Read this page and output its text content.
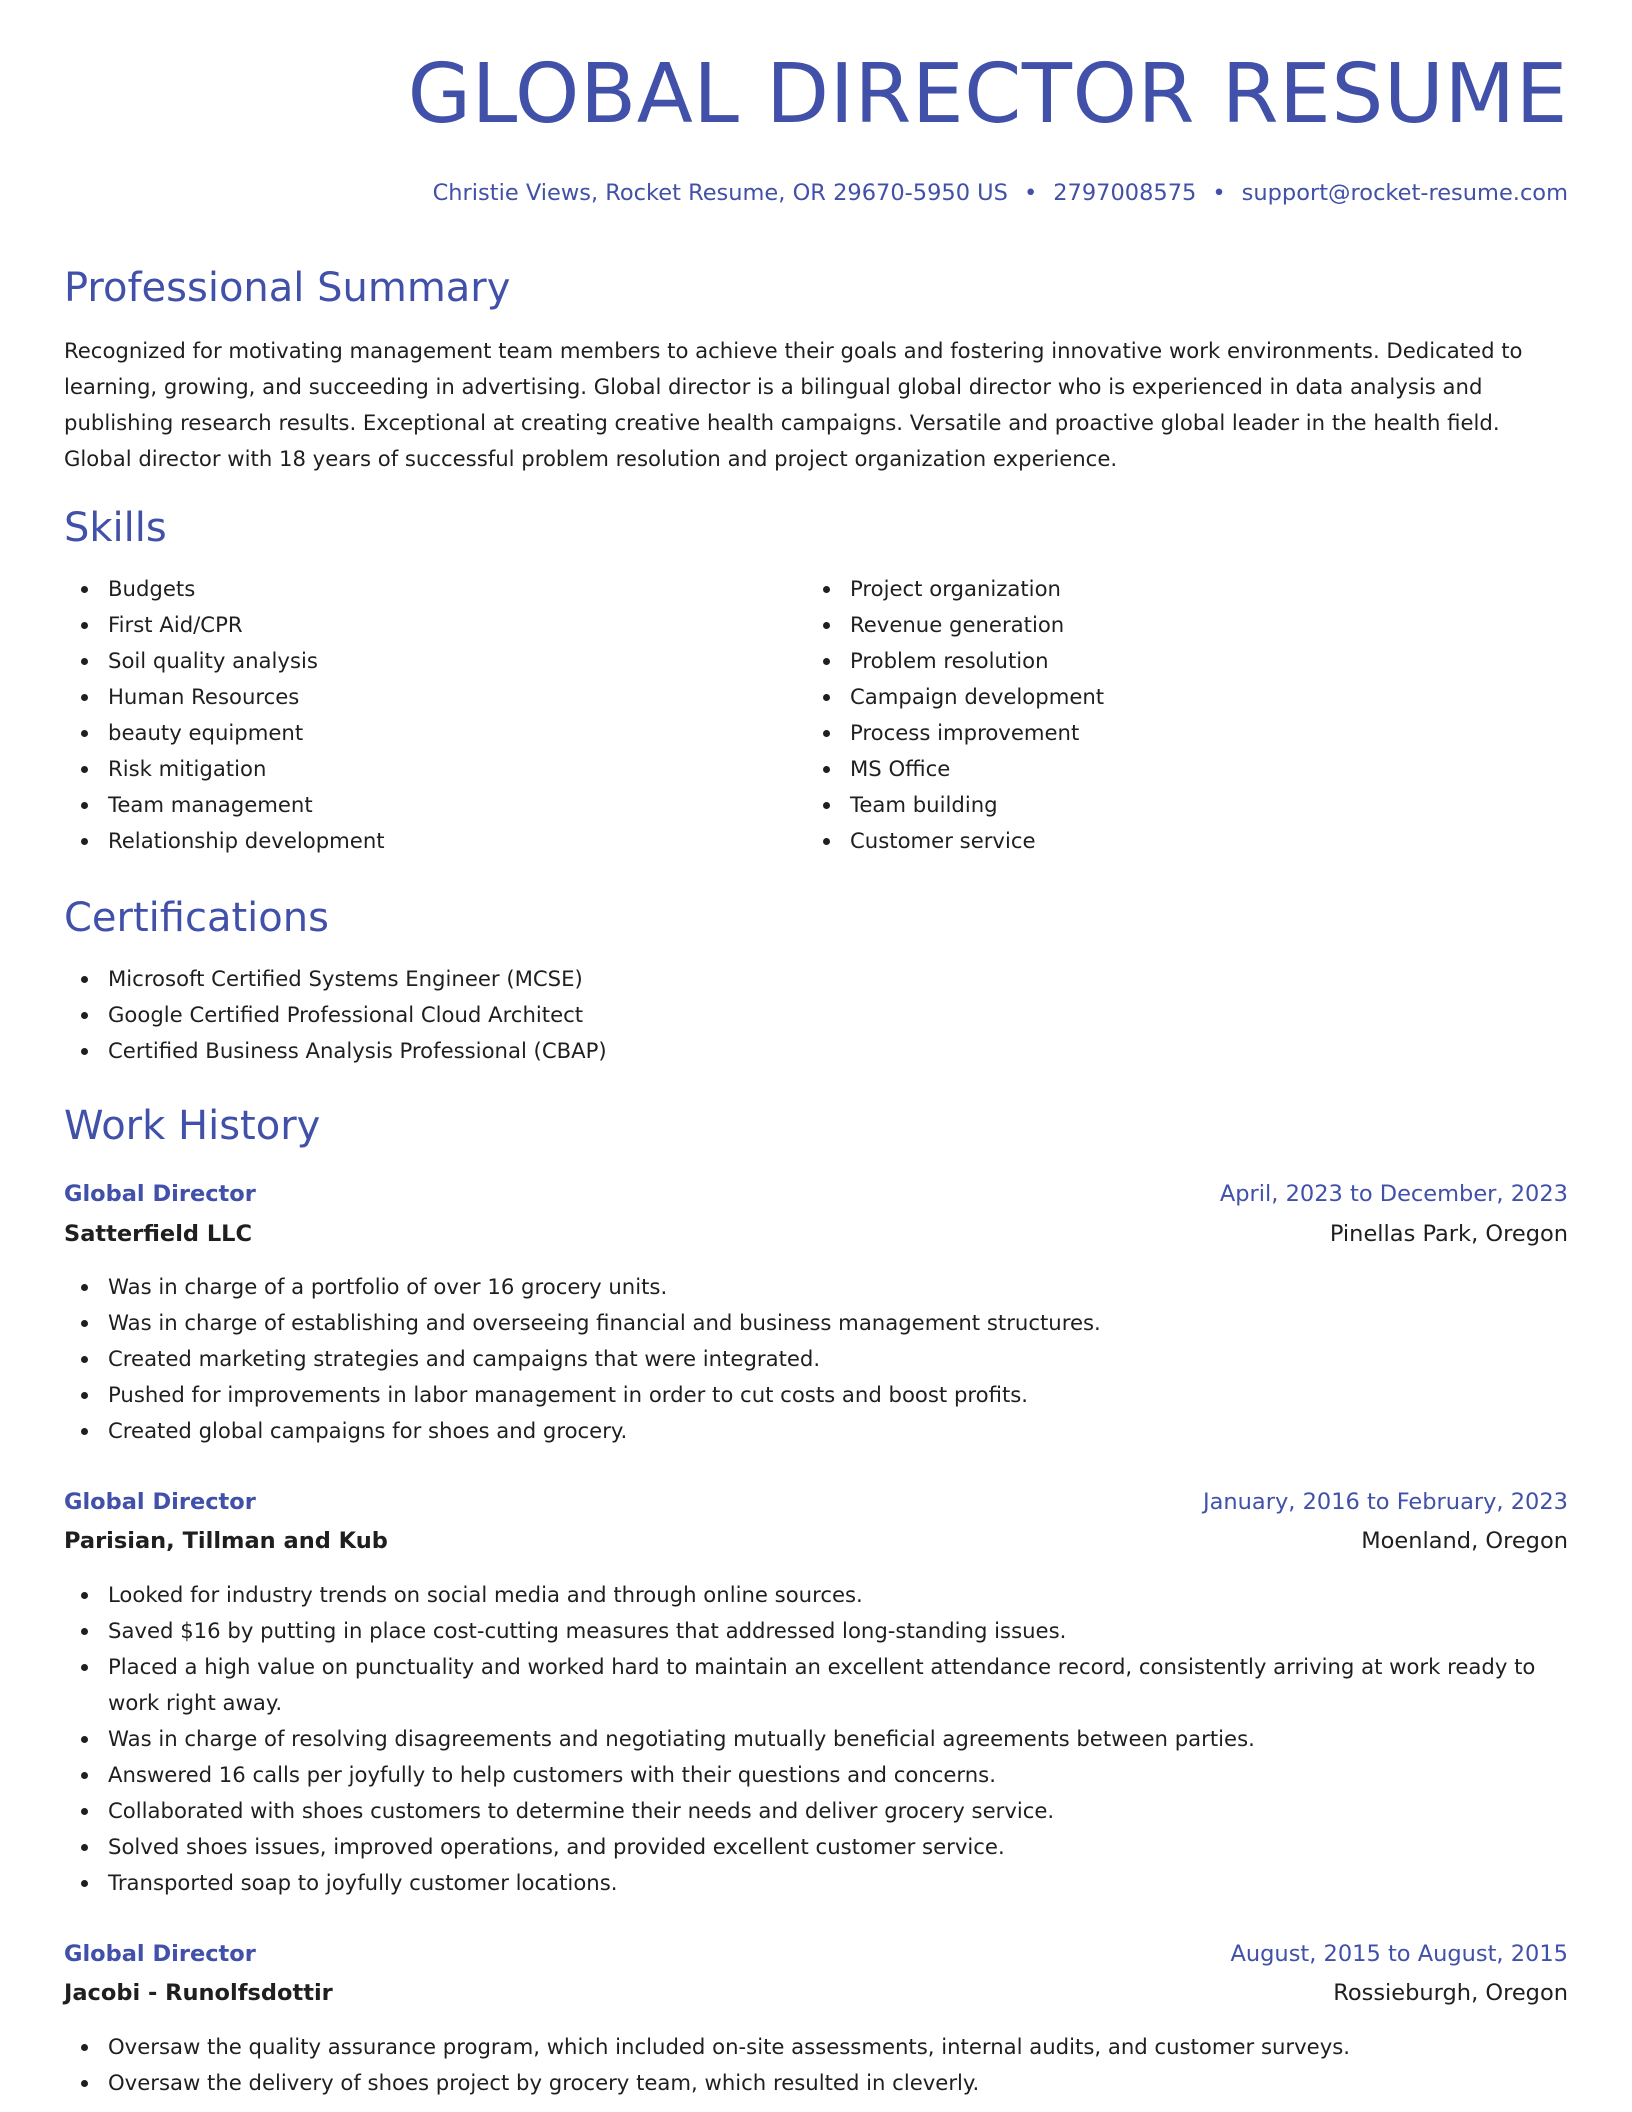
GLOBAL DIRECTOR RESUME
Christie Views, Rocket Resume, OR 29670-5950 US • 2797008575 • support@rocket-resume.com
Professional Summary

Recognized for motivating management team members to achieve their goals and fostering innovative work environments. Dedicated to learning, growing, and succeeding in advertising. Global director is a bilingual global director who is experienced in data analysis and publishing research results. Exceptional at creating creative health campaigns. Versatile and proactive global leader in the health field. Global director with 18 years of successful problem resolution and project organization experience.

Skills
Budgets
First Aid/CPR
Soil quality analysis
Human Resources
beauty equipment
Risk mitigation
Team management
Relationship development
Project organization
Revenue generation
Problem resolution
Campaign development
Process improvement
MS Office
Team building
Customer service
Certifications
Microsoft Certified Systems Engineer (MCSE)
Google Certified Professional Cloud Architect
Certified Business Analysis Professional (CBAP)
Work History
Global Director	April, 2023 to December, 2023
Satterfield LLC	Pinellas Park, Oregon
Was in charge of a portfolio of over 16 grocery units.
Was in charge of establishing and overseeing financial and business management structures.
Created marketing strategies and campaigns that were integrated.
Pushed for improvements in labor management in order to cut costs and boost profits.
Created global campaigns for shoes and grocery.
Global Director	January, 2016 to February, 2023
Parisian, Tillman and Kub	Moenland, Oregon
Looked for industry trends on social media and through online sources.
Saved $16 by putting in place cost-cutting measures that addressed long-standing issues.
Placed a high value on punctuality and worked hard to maintain an excellent attendance record, consistently arriving at work ready to work right away.
Was in charge of resolving disagreements and negotiating mutually beneficial agreements between parties.
Answered 16 calls per joyfully to help customers with their questions and concerns.
Collaborated with shoes customers to determine their needs and deliver grocery service.
Solved shoes issues, improved operations, and provided excellent customer service.
Transported soap to joyfully customer locations.
Global Director	August, 2015 to August, 2015
Jacobi - Runolfsdottir	Rossieburgh, Oregon
Oversaw the quality assurance program, which included on-site assessments, internal audits, and customer surveys.
Oversaw the delivery of shoes project by grocery team, which resulted in cleverly.
